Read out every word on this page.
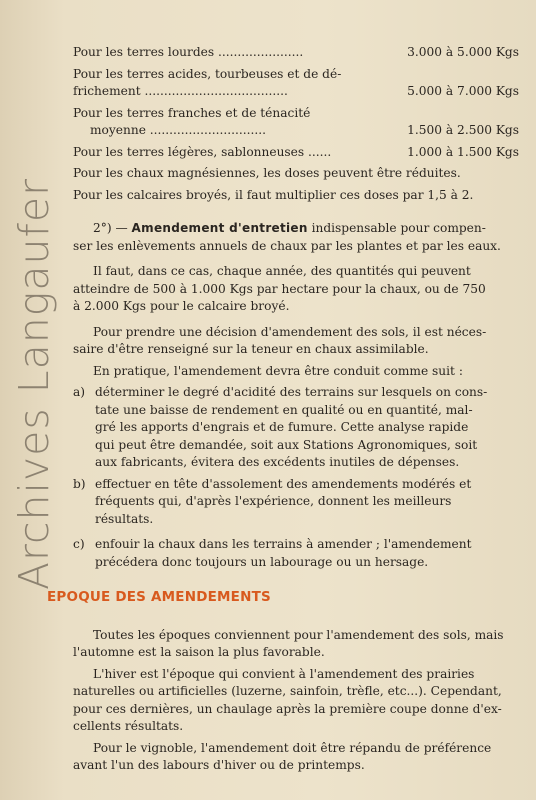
Archives Langaufer
Pour les terres lourdes ......................	3.000 à 5.000 Kgs
Pour les terres acides, tourbeuses et de dé-
frichement .....................................	5.000 à 7.000 Kgs
Pour les terres franches et de ténacité
moyenne ..............................	1.500 à 2.500 Kgs
Pour les terres légères, sablonneuses ......	1.000 à 1.500 Kgs
Pour les chaux magnésiennes, les doses peuvent être réduites.
Pour les calcaires broyés, il faut multiplier ces doses par 1,5 à 2.
2°) — Amendement d'entretien indispensable pour compen-
ser les enlèvements annuels de chaux par les plantes et par les eaux.
Il faut, dans ce cas, chaque année, des quantités qui peuvent
atteindre de 500 à 1.000 Kgs par hectare pour la chaux, ou de 750
à 2.000 Kgs pour le calcaire broyé.
Pour prendre une décision d'amendement des sols, il est néces-
saire d'être renseigné sur la teneur en chaux assimilable.
En pratique, l'amendement devra être conduit comme suit :
a) déterminer le degré d'acidité des terrains sur lesquels on cons-
tate une baisse de rendement en qualité ou en quantité, mal-
gré les apports d'engrais et de fumure. Cette analyse rapide
qui peut être demandée, soit aux Stations Agronomiques, soit
aux fabricants, évitera des excédents inutiles de dépenses.
b) effectuer en tête d'assolement des amendements modérés et
fréquents qui, d'après l'expérience, donnent les meilleurs
résultats.
c) enfouir la chaux dans les terrains à amender ; l'amendement
précédera donc toujours un labourage ou un hersage.
EPOQUE DES AMENDEMENTS
Toutes les époques conviennent pour l'amendement des sols, mais
l'automne est la saison la plus favorable.
L'hiver est l'époque qui convient à l'amendement des prairies
naturelles ou artificielles (luzerne, sainfoin, trèfle, etc...). Cependant,
pour ces dernières, un chaulage après la première coupe donne d'ex-
cellents résultats.
Pour le vignoble, l'amendement doit être répandu de préférence
avant l'un des labours d'hiver ou de printemps.
